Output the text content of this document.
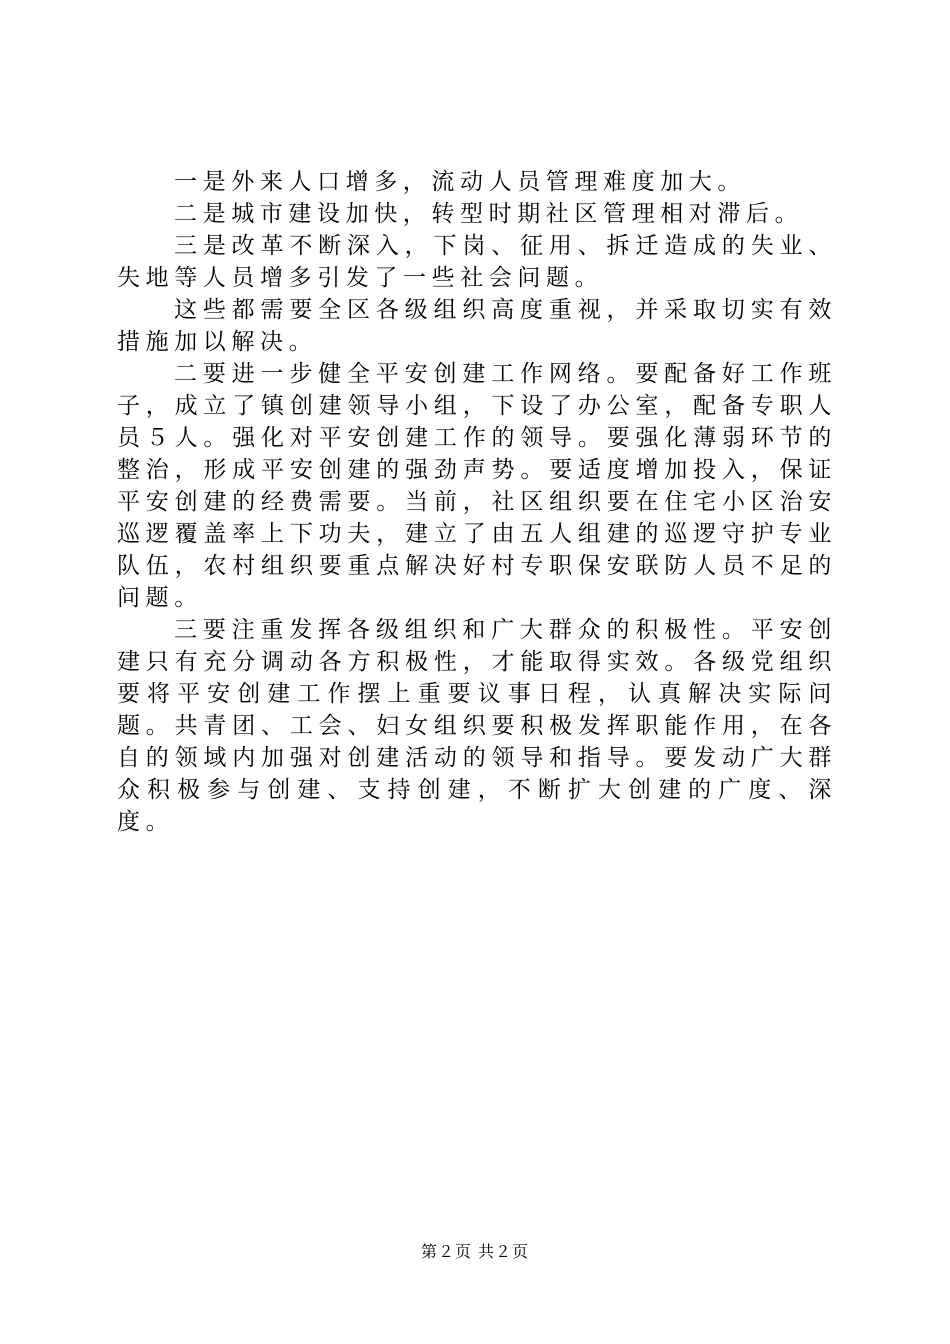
一是外来人口增多，流动人员管理难度加大。

二是城市建设加快，转型时期社区管理相对滞后。

三是改革不断深入，下岗、征用、拆迁造成的失业、失地等人员增多引发了一些社会问题。

这些都需要全区各级组织高度重视，并采取切实有效措施加以解决。

二要进一步健全平安创建工作网络。要配备好工作班子，成立了镇创建领导小组，下设了办公室，配备专职人员５人。强化对平安创建工作的领导。要强化薄弱环节的整治，形成平安创建的强劲声势。要适度增加投入，保证平安创建的经费需要。当前，社区组织要在住宅小区治安巡逻覆盖率上下功夫，建立了由五人组建的巡逻守护专业队伍，农村组织要重点解决好村专职保安联防人员不足的问题。

三要注重发挥各级组织和广大群众的积极性。平安创建只有充分调动各方积极性，才能取得实效。各级党组织要将平安创建工作摆上重要议事日程，认真解决实际问题。共青团、工会、妇女组织要积极发挥职能作用，在各自的领域内加强对创建活动的领导和指导。要发动广大群众积极参与创建、支持创建，不断扩大创建的广度、深度。

第２页 共２页
